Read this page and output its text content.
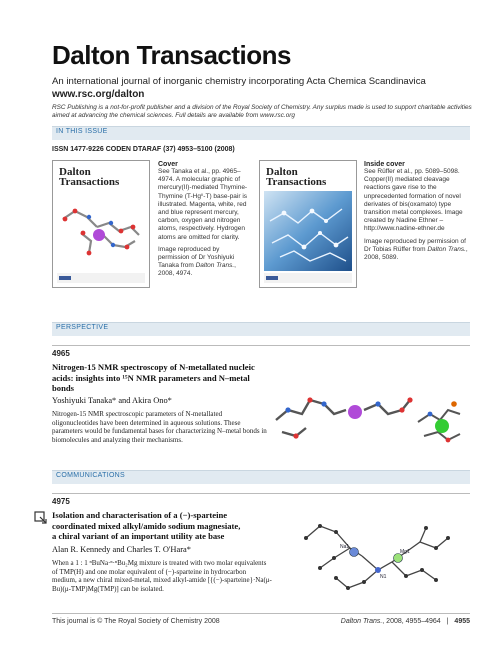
Dalton Transactions
An international journal of inorganic chemistry incorporating Acta Chemica Scandinavica
www.rsc.org/dalton
RSC Publishing is a not-for-profit publisher and a division of the Royal Society of Chemistry. Any surplus made is used to support charitable activities aimed at advancing the chemical sciences. Full details are available from www.rsc.org
IN THIS ISSUE
ISSN 1477-9226 CODEN DTARAF (37) 4953–5100 (2008)
Dalton
Transactions
Cover

See Tanaka et al., pp. 4965–4974. A molecular graphic of mercury(II)-mediated Thymine-Thymine (T-Hgⁱⁱ-T) base-pair is illustrated. Magenta, white, red and blue represent mercury, carbon, oxygen and nitrogen atoms, respectively. Hydrogen atoms are omitted for clarity.

Image reproduced by permission of Dr Yoshiyuki Tanaka from Dalton Trans., 2008, 4974.

Dalton
Transactions
Inside cover

See Rüffer et al., pp. 5089–5098. Copper(II) mediated cleavage reactions gave rise to the unprecedented formation of novel derivates of bis(oxamato) type transition metal complexes. Image created by Nadine Ethner – http://www.nadine-ethner.de

Image reproduced by permission of Dr Tobias Rüffer from Dalton Trans., 2008, 5089.

PERSPECTIVE
4965
Nitrogen-15 NMR spectroscopy of N-metallated nucleic
acids: insights into ¹⁵N NMR parameters and N–metal
bonds
Yoshiyuki Tanaka* and Akira Ono*
Nitrogen-15 NMR spectroscopic parameters of N-metallated oligonucleotides have been determined in aqueous solutions. These parameters would be fundamental bases for characterizing N–metal bonds in biomolecules and analyzing their mechanisms.
COMMUNICATIONS
4975
Isolation and characterisation of a (−)-sparteine
coordinated mixed alkyl/amido sodium magnesiate,
a chiral variant of an important utility ate base
Alan R. Kennedy and Charles T. O'Hara*
When a 1 : 1 ⁿBuNa·ⁿ·ⁿBu₂Mg mixture is treated with two molar equivalents of TMP(H) and one molar equivalent of (−)-sparteine in hydrocarbon medium, a new chiral mixed-metal, mixed alkyl-amide [{(−)-sparteine}·Na(μ-Bu)(μ-TMP)Mg(TMP)] can be isolated.
Na1
Mg1
N1
This journal is © The Royal Society of Chemistry 2008	Dalton Trans., 2008, 4955–4964 | 4955
